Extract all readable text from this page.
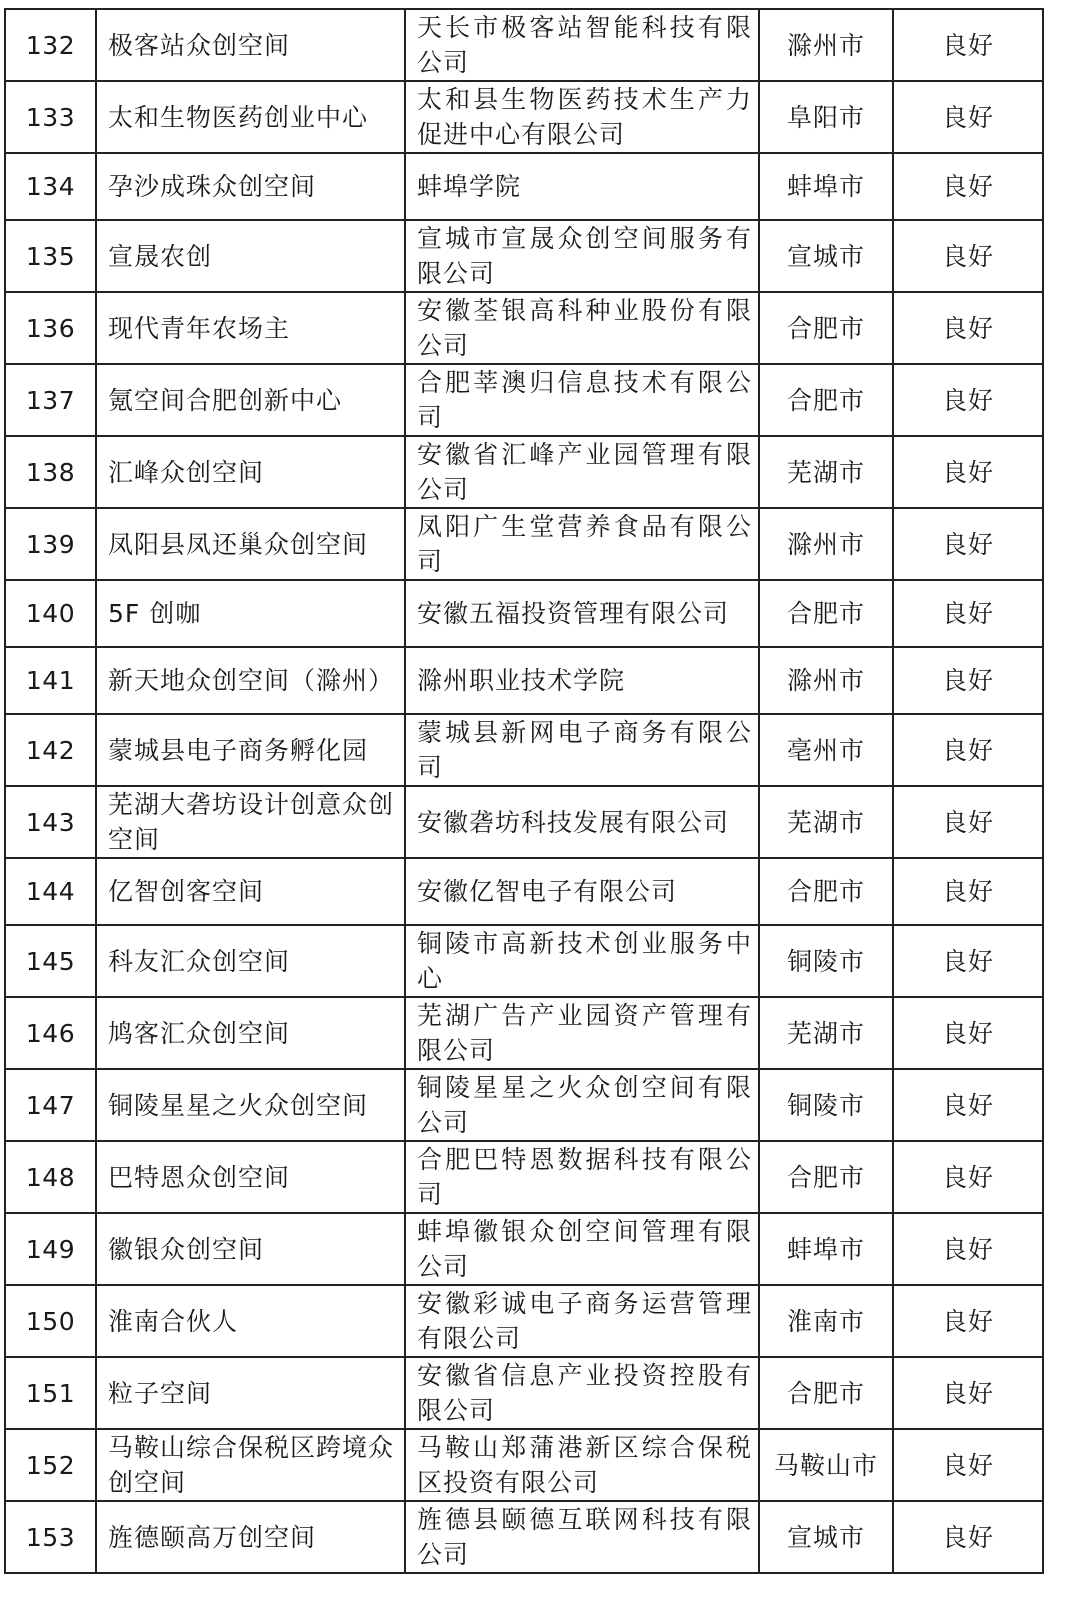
132	极客站众创空间	天长市极客站智能科技有限公司	滁州市	良好
133	太和生物医药创业中心	太和县生物医药技术生产力促进中心有限公司	阜阳市	良好
134	孕沙成珠众创空间	蚌埠学院	蚌埠市	良好
135	宣晟农创	宣城市宣晟众创空间服务有限公司	宣城市	良好
136	现代青年农场主	安徽荃银高科种业股份有限公司	合肥市	良好
137	氪空间合肥创新中心	合肥莘澳归信息技术有限公司	合肥市	良好
138	汇峰众创空间	安徽省汇峰产业园管理有限公司	芜湖市	良好
139	凤阳县凤还巢众创空间	凤阳广生堂营养食品有限公司	滁州市	良好
140	5F 创咖	安徽五福投资管理有限公司	合肥市	良好
141	新天地众创空间（滁州）	滁州职业技术学院	滁州市	良好
142	蒙城县电子商务孵化园	蒙城县新网电子商务有限公司	亳州市	良好
143	芜湖大砻坊设计创意众创空间	安徽砻坊科技发展有限公司	芜湖市	良好
144	亿智创客空间	安徽亿智电子有限公司	合肥市	良好
145	科友汇众创空间	铜陵市高新技术创业服务中心	铜陵市	良好
146	鸠客汇众创空间	芜湖广告产业园资产管理有限公司	芜湖市	良好
147	铜陵星星之火众创空间	铜陵星星之火众创空间有限公司	铜陵市	良好
148	巴特恩众创空间	合肥巴特恩数据科技有限公司	合肥市	良好
149	徽银众创空间	蚌埠徽银众创空间管理有限公司	蚌埠市	良好
150	淮南合伙人	安徽彩诚电子商务运营管理有限公司	淮南市	良好
151	粒子空间	安徽省信息产业投资控股有限公司	合肥市	良好
152	马鞍山综合保税区跨境众创空间	马鞍山郑蒲港新区综合保税区投资有限公司	马鞍山市	良好
153	旌德颐高万创空间	旌德县颐德互联网科技有限公司	宣城市	良好
